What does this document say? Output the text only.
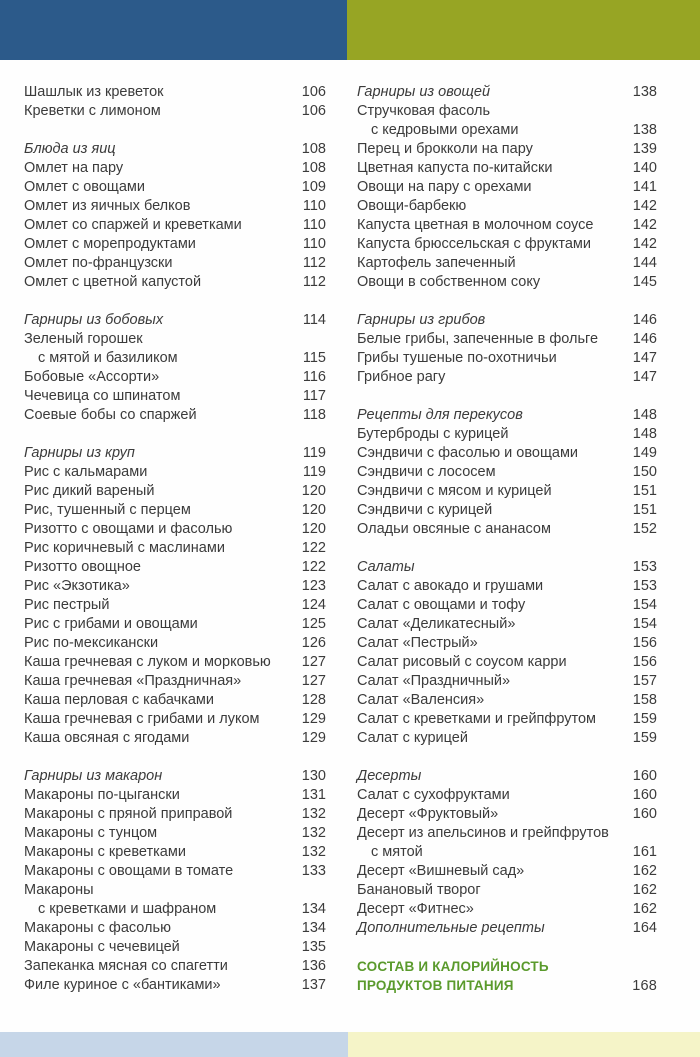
Шашлык из креветок	106
Креветки с лимоном	106
Блюда из яиц	108
Омлет на пару	108
Омлет с овощами	109
Омлет из яичных белков	110
Омлет со спаржей и креветками	110
Омлет с морепродуктами	110
Омлет по-французски	112
Омлет с цветной капустой	112
Гарниры из бобовых	114
Зеленый горошек
с мятой и базиликом	115
Бобовые «Ассорти»	116
Чечевица со шпинатом	117
Соевые бобы со спаржей	118
Гарниры из круп	119
Рис с кальмарами	119
Рис дикий вареный	120
Рис, тушенный с перцем	120
Ризотто с овощами и фасолью	120
Рис коричневый с маслинами	122
Ризотто овощное	122
Рис «Экзотика»	123
Рис пестрый	124
Рис с грибами и овощами	125
Рис по-мексикански	126
Каша гречневая с луком и морковью	127
Каша гречневая «Праздничная»	127
Каша перловая с кабачками	128
Каша гречневая с грибами и луком	129
Каша овсяная с ягодами	129
Гарниры из макарон	130
Макароны по-цыгански	131
Макароны с пряной приправой	132
Макароны с тунцом	132
Макароны с креветками	132
Макароны с овощами в томате	133
Макароны
с креветками и шафраном	134
Макароны с фасолью	134
Макароны с чечевицей	135
Запеканка мясная со спагетти	136
Филе куриное с «бантиками»	137
Гарниры из овощей	138
Стручковая фасоль
с кедровыми орехами	138
Перец и брокколи на пару	139
Цветная капуста по-китайски	140
Овощи на пару с орехами	141
Овощи-барбекю	142
Капуста цветная в молочном соусе	142
Капуста брюссельская с фруктами	142
Картофель запеченный	144
Овощи в собственном соку	145
Гарниры из грибов	146
Белые грибы, запеченные в фольге	146
Грибы тушеные по-охотничьи	147
Грибное рагу	147
Рецепты для перекусов	148
Бутерброды с курицей	148
Сэндвичи с фасолью и овощами	149
Сэндвичи с лососем	150
Сэндвичи с мясом и курицей	151
Сэндвичи с курицей	151
Оладьи овсяные с ананасом	152
Салаты	153
Салат с авокадо и грушами	153
Салат с овощами и тофу	154
Салат «Деликатесный»	154
Салат «Пестрый»	156
Салат рисовый с соусом карри	156
Салат «Праздничный»	157
Салат «Валенсия»	158
Салат с креветками и грейпфрутом	159
Салат с курицей	159
Десерты	160
Салат с сухофруктами	160
Десерт «Фруктовый»	160
Десерт из апельсинов и грейпфрутов
с мятой	161
Десерт «Вишневый сад»	162
Банановый творог	162
Десерт «Фитнес»	162
Дополнительные рецепты	164
СОСТАВ И КАЛОРИЙНОСТЬ
ПРОДУКТОВ ПИТАНИЯ	168
